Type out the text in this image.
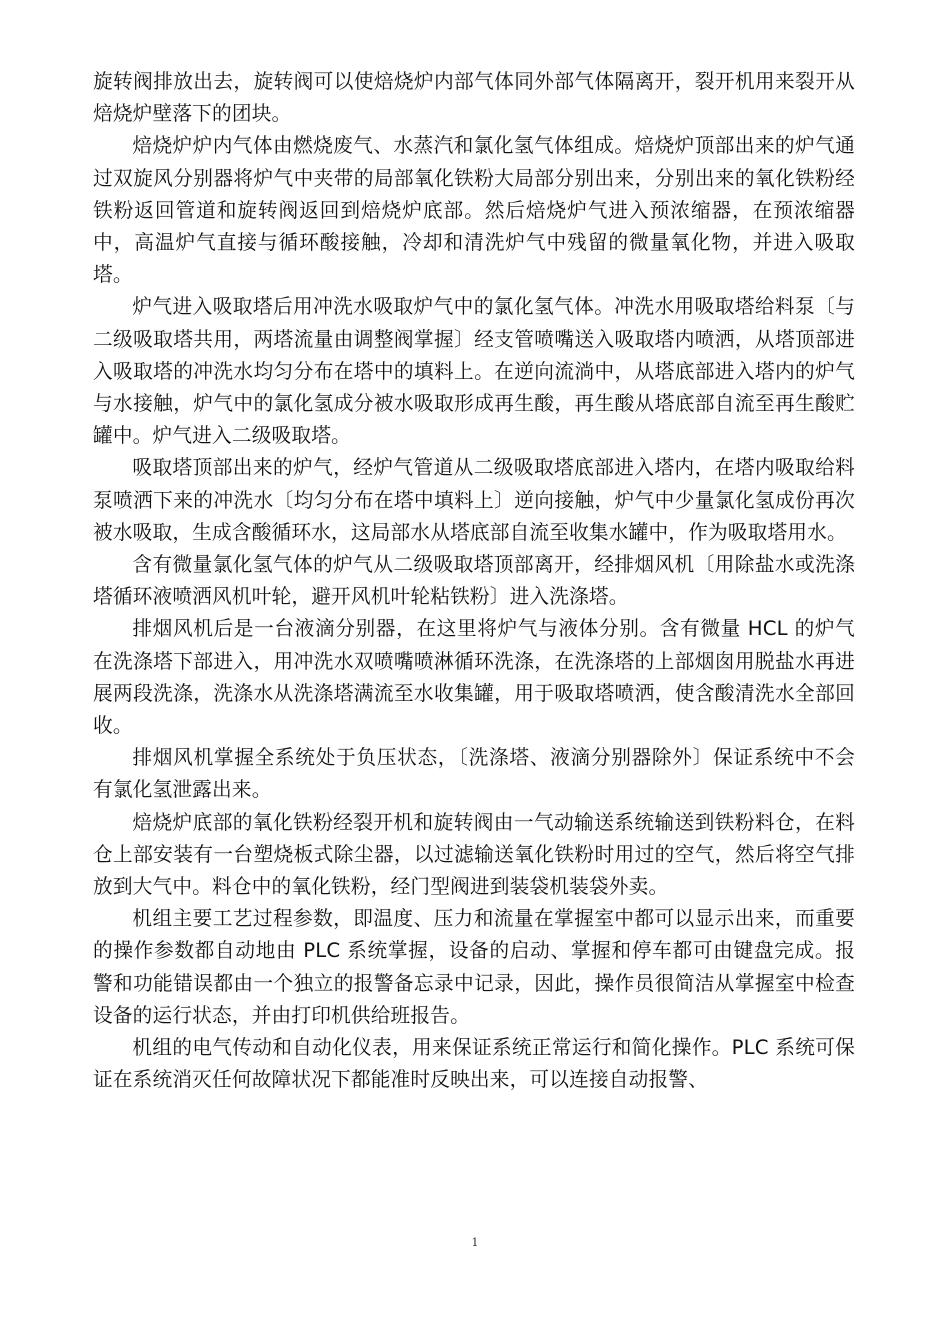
旋转阀排放出去，旋转阀可以使焙烧炉内部气体同外部气体隔离开，裂开机用来裂开从焙烧炉壁落下的团块。

焙烧炉炉内气体由燃烧废气、水蒸汽和氯化氢气体组成。焙烧炉顶部出来的炉气通过双旋风分别器将炉气中夹带的局部氧化铁粉大局部分别出来，分别出来的氧化铁粉经铁粉返回管道和旋转阀返回到焙烧炉底部。然后焙烧炉气进入预浓缩器，在预浓缩器中，高温炉气直接与循环酸接触，冷却和清洗炉气中残留的微量氧化物，并进入吸取塔。

炉气进入吸取塔后用冲洗水吸取炉气中的氯化氢气体。冲洗水用吸取塔给料泵〔与二级吸取塔共用，两塔流量由调整阀掌握〕经支管喷嘴送入吸取塔内喷洒，从塔顶部进入吸取塔的冲洗水均匀分布在塔中的填料上。在逆向流淌中，从塔底部进入塔内的炉气与水接触，炉气中的氯化氢成分被水吸取形成再生酸，再生酸从塔底部自流至再生酸贮罐中。炉气进入二级吸取塔。

吸取塔顶部出来的炉气，经炉气管道从二级吸取塔底部进入塔内，在塔内吸取给料泵喷洒下来的冲洗水〔均匀分布在塔中填料上〕逆向接触，炉气中少量氯化氢成份再次被水吸取，生成含酸循环水，这局部水从塔底部自流至收集水罐中，作为吸取塔用水。

含有微量氯化氢气体的炉气从二级吸取塔顶部离开，经排烟风机〔用除盐水或洗涤塔循环液喷洒风机叶轮，避开风机叶轮粘铁粉〕进入洗涤塔。

排烟风机后是一台液滴分别器，在这里将炉气与液体分别。含有微量 HCL 的炉气在洗涤塔下部进入，用冲洗水双喷嘴喷淋循环洗涤，在洗涤塔的上部烟囱用脱盐水再进展两段洗涤，洗涤水从洗涤塔满流至水收集罐，用于吸取塔喷洒，使含酸清洗水全部回收。

排烟风机掌握全系统处于负压状态，〔洗涤塔、液滴分别器除外〕保证系统中不会有氯化氢泄露出来。

焙烧炉底部的氧化铁粉经裂开机和旋转阀由一气动输送系统输送到铁粉料仓，在料仓上部安装有一台塑烧板式除尘器，以过滤输送氧化铁粉时用过的空气，然后将空气排放到大气中。料仓中的氧化铁粉，经门型阀进到装袋机装袋外卖。

机组主要工艺过程参数，即温度、压力和流量在掌握室中都可以显示出来，而重要的操作参数都自动地由 PLC 系统掌握，设备的启动、掌握和停车都可由键盘完成。报警和功能错误都由一个独立的报警备忘录中记录，因此，操作员很简洁从掌握室中检查设备的运行状态，并由打印机供给班报告。

机组的电气传动和自动化仪表，用来保证系统正常运行和简化操作。PLC 系统可保证在系统消灭任何故障状况下都能准时反映出来，可以连接自动报警、

1
